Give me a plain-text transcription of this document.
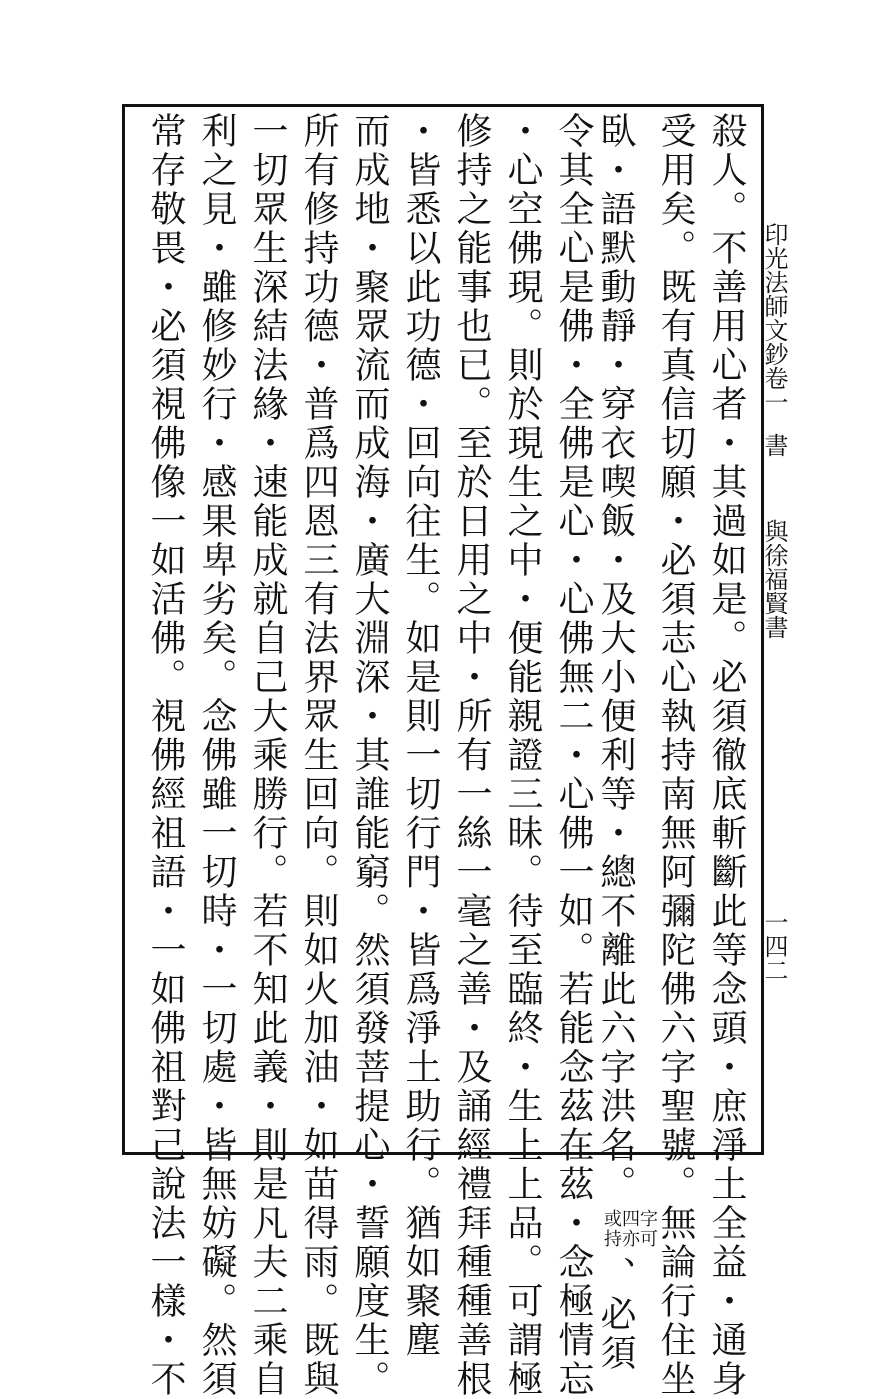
印光法師文鈔卷一
書
與徐福賢書
一四二
殺人。不善用心者・其過如是。必須徹底斬斷此等念頭・庶淨土全益・通身
受用矣。既有真信切願・必須志心執持南無阿彌陀佛六字聖號。無論行住坐
臥・語默動靜・穿衣喫飯・及大小便利等・總不離此六字洪名。或四字
持亦可、必須
令其全心是佛・全佛是心・心佛無二・心佛一如。若能念茲在茲・念極情忘
・心空佛現。則於現生之中・便能親證三昧。待至臨終・生上上品。可謂極
修持之能事也已。至於日用之中・所有一絲一毫之善・及誦經禮拜種種善根
・皆悉以此功德・回向往生。如是則一切行門・皆爲淨土助行。猶如聚塵
而成地・聚眾流而成海・廣大淵深・其誰能窮。然須發菩提心・誓願度生。
所有修持功德・普爲四恩三有法界眾生回向。則如火加油・如苗得雨。既與
一切眾生深結法緣・速能成就自己大乘勝行。若不知此義・則是凡夫二乘自
利之見・雖修妙行・感果卑劣矣。念佛雖一切時・一切處・皆無妨礙。然須
常存敬畏・必須視佛像一如活佛。視佛經祖語・一如佛祖對己說法一樣・不
